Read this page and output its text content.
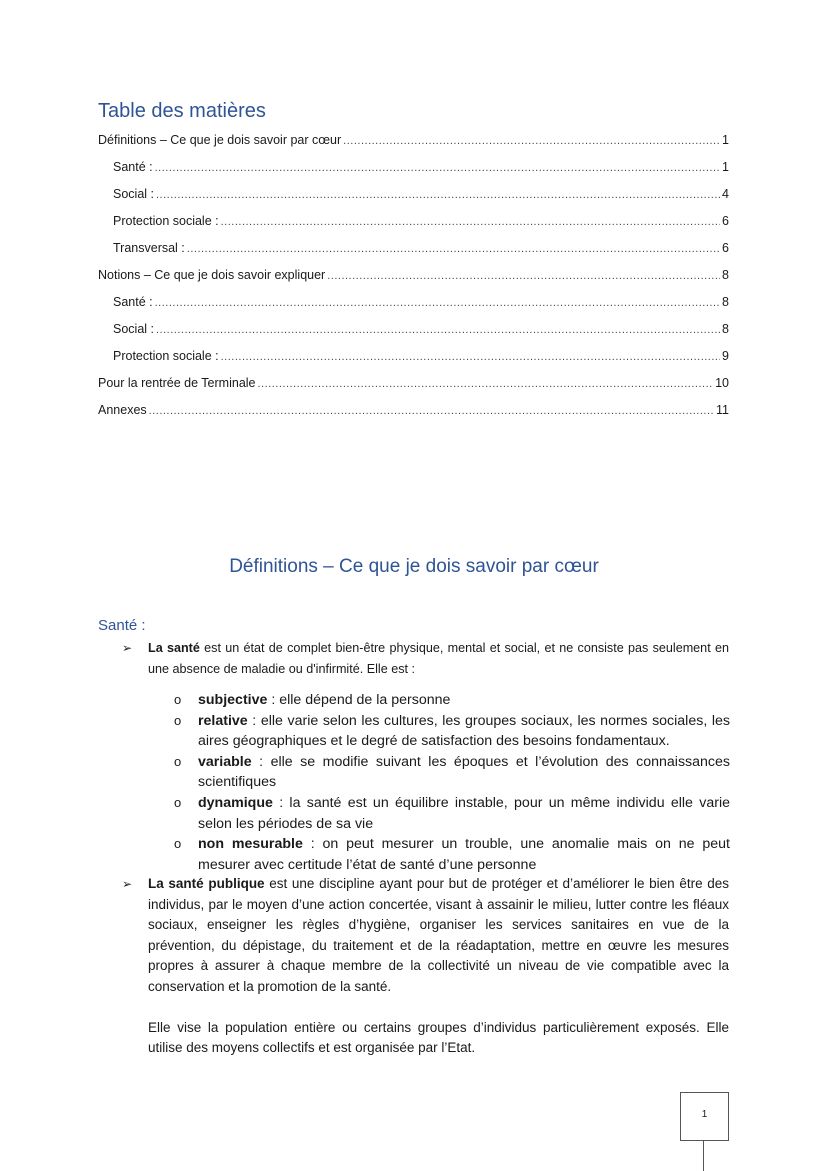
Table des matières
Définitions – Ce que je dois savoir par cœur .....	1
Santé : .....	1
Social : .....	4
Protection sociale : .....	6
Transversal : .....	6
Notions – Ce que je dois savoir expliquer .....	8
Santé : .....	8
Social : .....	8
Protection sociale : .....	9
Pour la rentrée de Terminale .....	10
Annexes .....	11
Définitions – Ce que je dois savoir par cœur
Santé :
➢ La santé est un état de complet bien-être physique, mental et social, et ne consiste pas seulement en une absence de maladie ou d'infirmité. Elle est :
o subjective : elle dépend de la personne
o relative : elle varie selon les cultures, les groupes sociaux, les normes sociales, les aires géographiques et le degré de satisfaction des besoins fondamentaux.
o variable : elle se modifie suivant les époques et l’évolution des connaissances scientifiques
o dynamique : la santé est un équilibre instable, pour un même individu elle varie selon les périodes de sa vie
o non mesurable : on peut mesurer un trouble, une anomalie mais on ne peut mesurer avec certitude l’état de santé d’une personne
➢ La santé publique est une discipline ayant pour but de protéger et d’améliorer le bien être des individus, par le moyen d’une action concertée, visant à assainir le milieu, lutter contre les fléaux sociaux, enseigner les règles d’hygiène, organiser les services sanitaires en vue de la prévention, du dépistage, du traitement et de la réadaptation, mettre en œuvre les mesures propres à assurer à chaque membre de la collectivité un niveau de vie compatible avec la conservation et la promotion de la santé.
Elle vise la population entière ou certains groupes d’individus particulièrement exposés. Elle utilise des moyens collectifs et est organisée par l’Etat.
1
